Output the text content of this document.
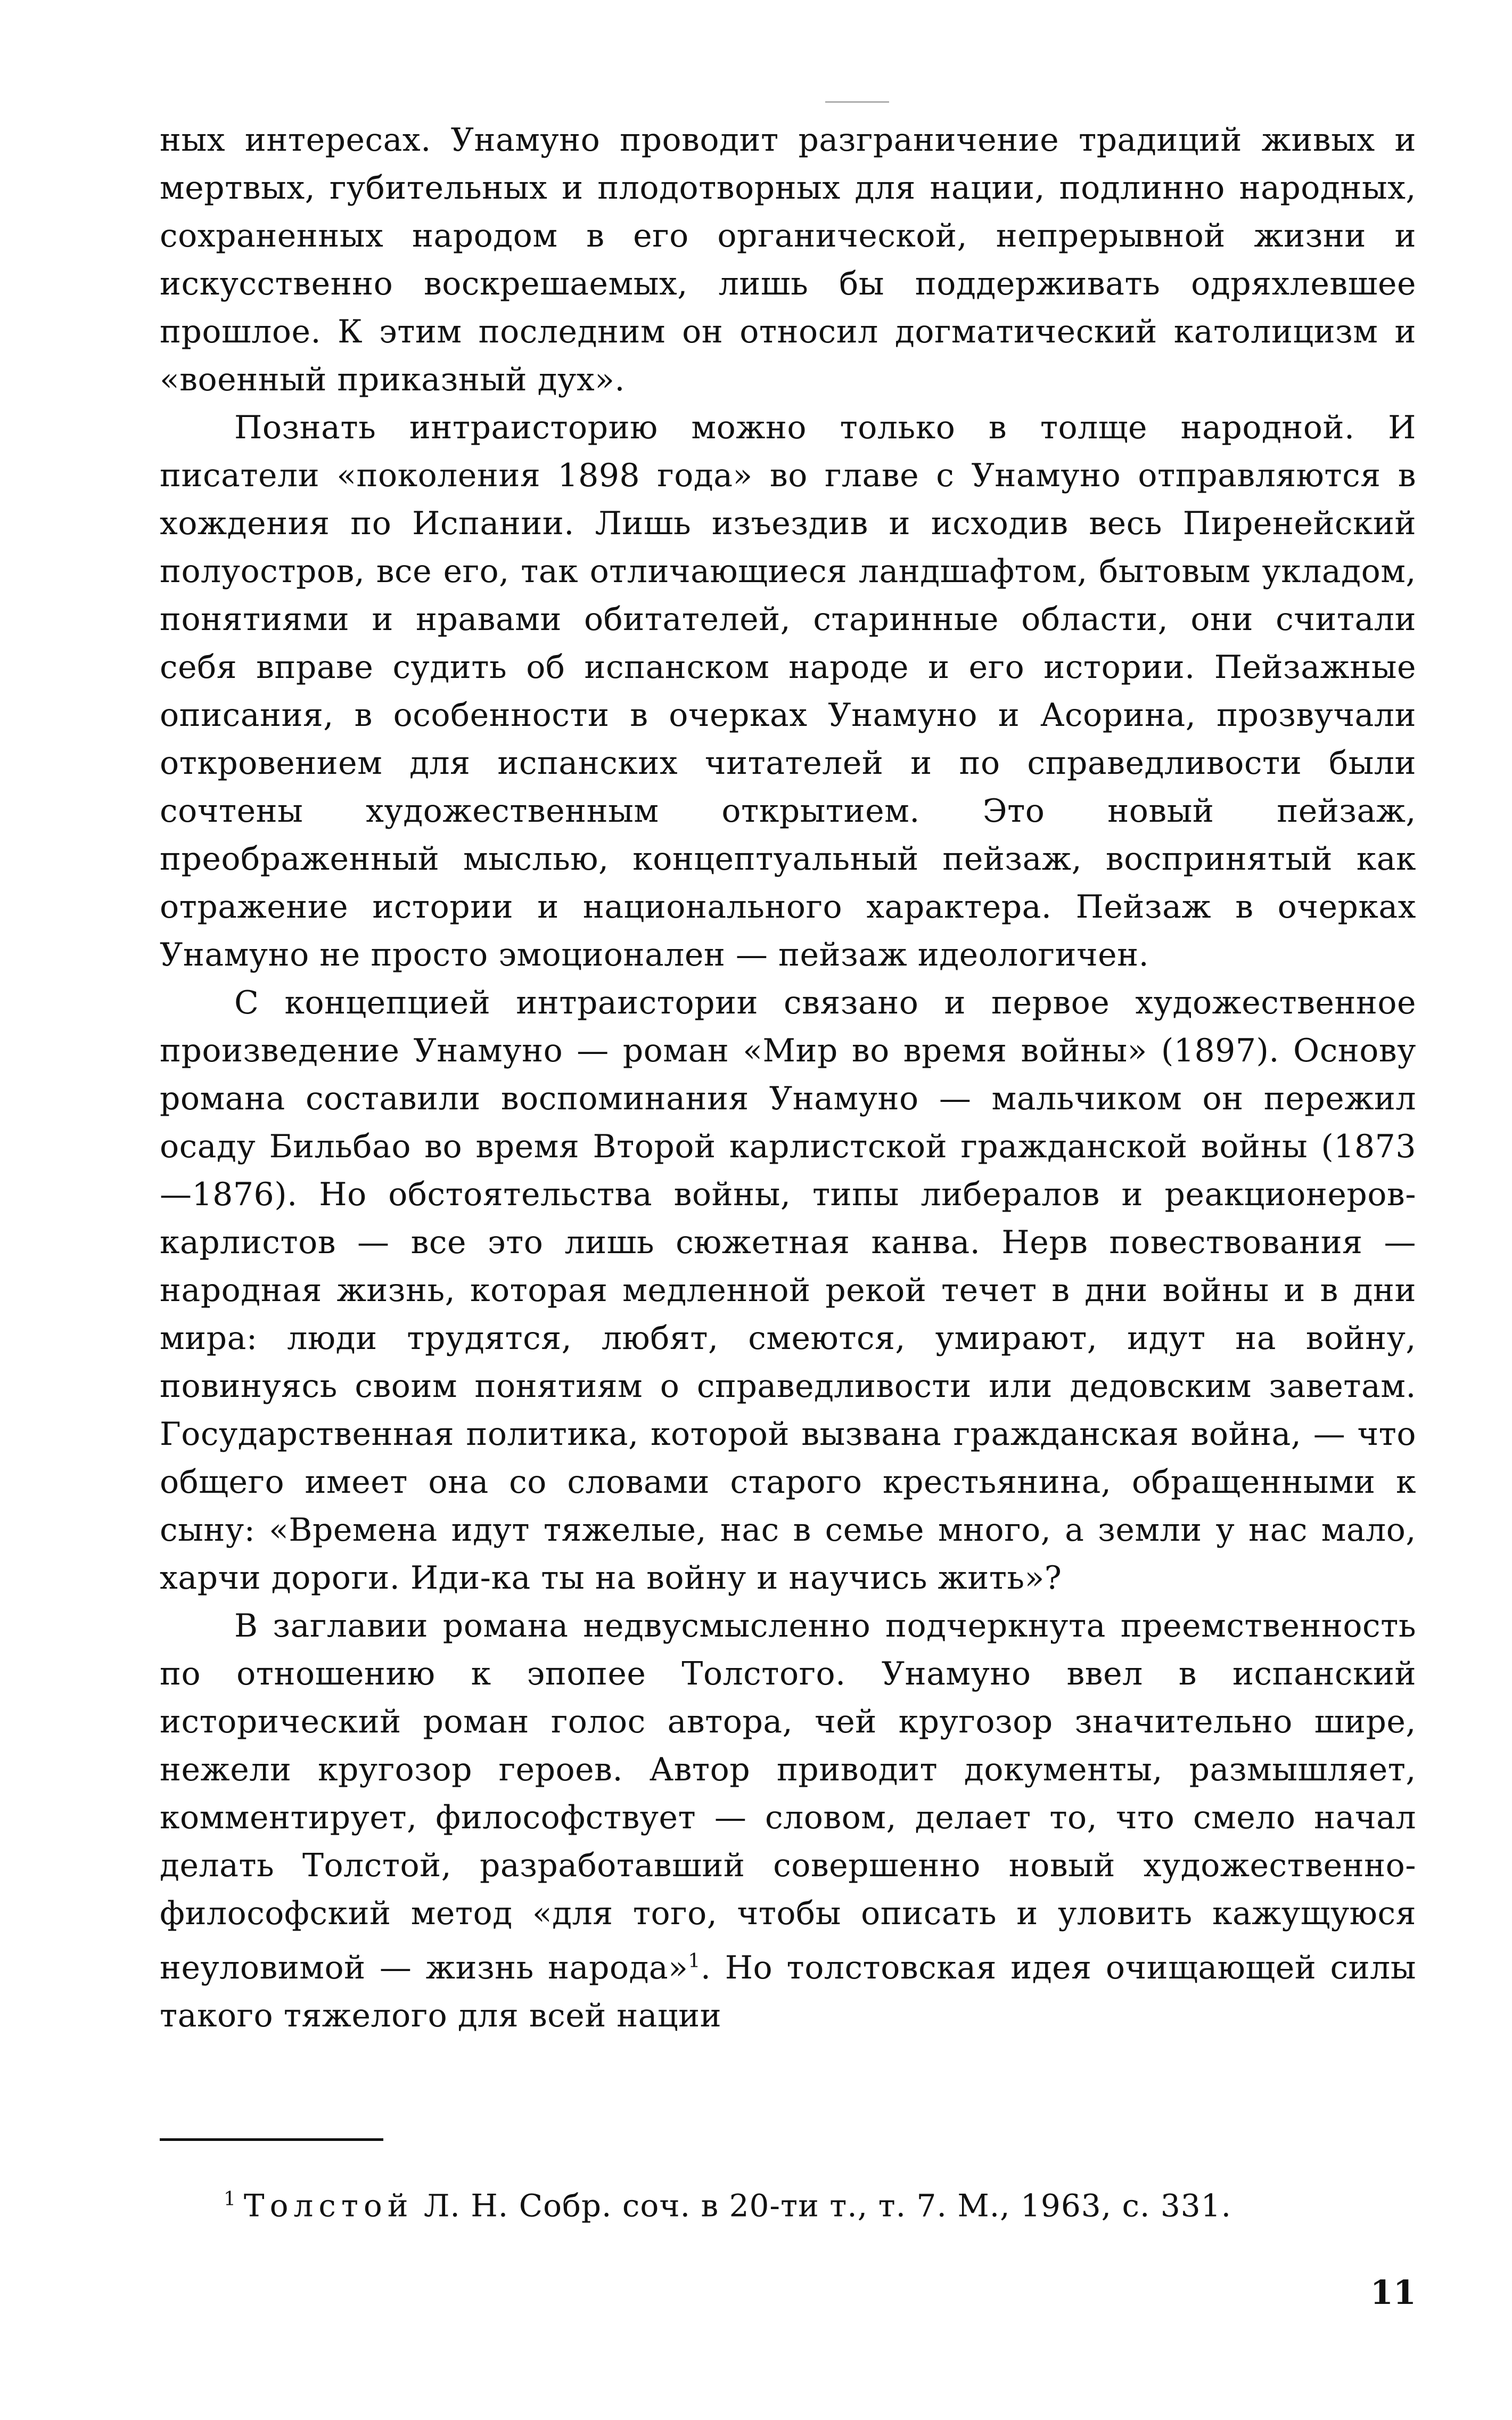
ных интересах. Унамуно проводит разграничение традиций живых и мертвых, губительных и плодотворных для нации, подлинно народных, сохраненных народом в его органической, непрерывной жизни и искусственно воскрешаемых, лишь бы поддерживать одряхлевшее прошлое. К этим последним он относил догматический католицизм и «военный приказный дух».

Познать интраисторию можно только в толще народной. И писатели «поколения 1898 года» во главе с Унамуно отправляются в хождения по Испании. Лишь изъездив и исходив весь Пиренейский полуостров, все его, так отличающиеся ландшафтом, бытовым укладом, понятиями и нравами обитателей, старинные области, они считали себя вправе судить об испанском народе и его истории. Пейзажные описания, в особенности в очерках Унамуно и Асорина, прозвучали откровением для испанских читателей и по справедливости были сочтены художественным открытием. Это новый пейзаж, преображенный мыслью, концептуальный пейзаж, воспринятый как отражение истории и национального характера. Пейзаж в очерках Унамуно не просто эмоционален — пейзаж идеологичен.

С концепцией интраистории связано и первое художественное произведение Унамуно — роман «Мир во время войны» (1897). Основу романа составили воспоминания Унамуно — мальчиком он пережил осаду Бильбао во время Второй карлистской гражданской войны (1873—1876). Но обстоятельства войны, типы либералов и реакционеров-карлистов — все это лишь сюжетная канва. Нерв повествования — народная жизнь, которая медленной рекой течет в дни войны и в дни мира: люди трудятся, любят, смеются, умирают, идут на войну, повинуясь своим понятиям о справедливости или дедовским заветам. Государственная политика, которой вызвана гражданская война, — что общего имеет она со словами старого крестьянина, обращенными к сыну: «Времена идут тяжелые, нас в семье много, а земли у нас мало, харчи дороги. Иди-ка ты на войну и научись жить»?

В заглавии романа недвусмысленно подчеркнута преемственность по отношению к эпопее Толстого. Унамуно ввел в испанский исторический роман голос автора, чей кругозор значительно шире, нежели кругозор героев. Автор приводит документы, размышляет, комментирует, философствует — словом, делает то, что смело начал делать Толстой, разработавший совершенно новый художественно-философский метод «для того, чтобы описать и уловить кажущуюся неуловимой — жизнь народа»$^1$. Но толстовская идея очищающей силы такого тяжелого для всей нации

$^1$ Толстой Л. Н. Собр. соч. в 20-ти т., т. 7. М., 1963, с. 331.
11
